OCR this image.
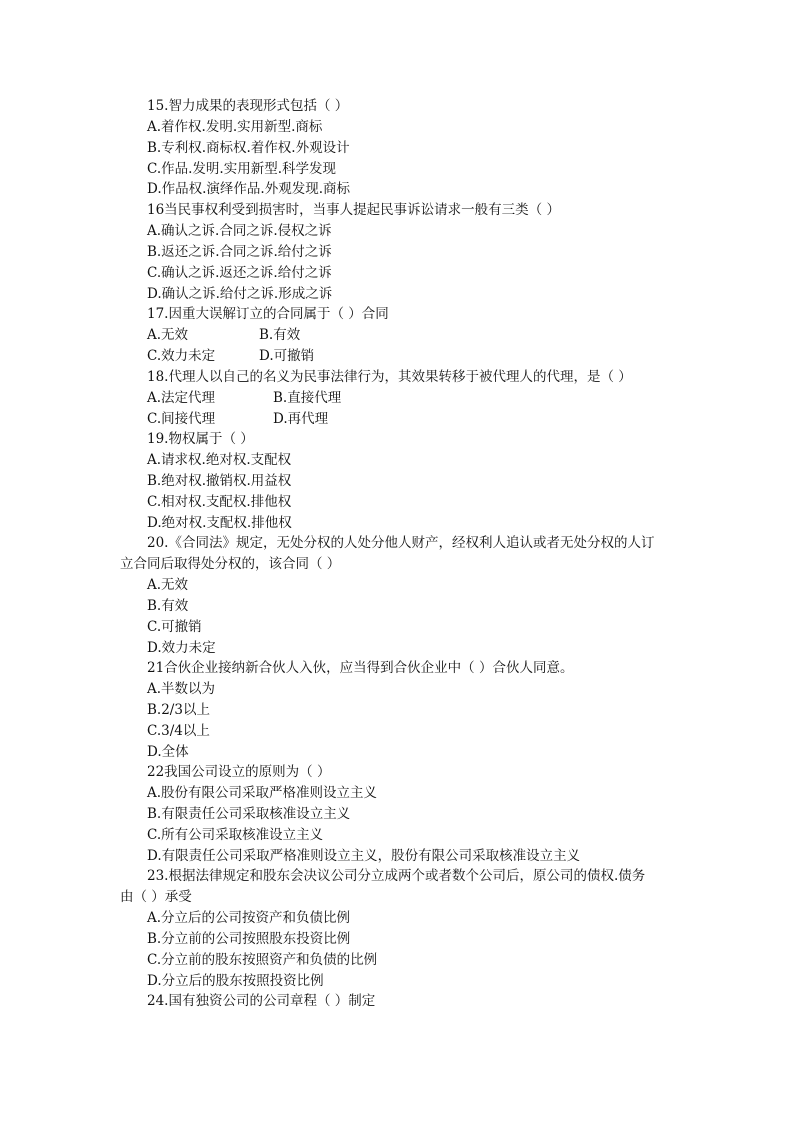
15.智力成果的表现形式包括（ ）
A.着作权.发明.实用新型.商标
B.专利权.商标权.着作权.外观设计
C.作品.发明.实用新型.科学发现
D.作品权.演绎作品.外观发现.商标
16当民事权利受到损害时，当事人提起民事诉讼请求一般有三类（ ）
A.确认之诉.合同之诉.侵权之诉
B.返还之诉.合同之诉.给付之诉
C.确认之诉.返还之诉.给付之诉
D.确认之诉.给付之诉.形成之诉
17.因重大误解订立的合同属于（ ）合同
A.无效	B.有效
C.效力未定	D.可撤销
18.代理人以自己的名义为民事法律行为，其效果转移于被代理人的代理，是（ ）
A.法定代理	B.直接代理
C.间接代理	D.再代理
19.物权属于（ ）
A.请求权.绝对权.支配权
B.绝对权.撤销权.用益权
C.相对权.支配权.排他权
D.绝对权.支配权.排他权
20.《合同法》规定，无处分权的人处分他人财产，经权利人追认或者无处分权的人订
立合同后取得处分权的，该合同（ ）
A.无效
B.有效
C.可撤销
D.效力未定
21合伙企业接纳新合伙人入伙，应当得到合伙企业中（ ）合伙人同意。
A.半数以为
B.2/3以上
C.3/4以上
D.全体
22我国公司设立的原则为（ ）
A.股份有限公司采取严格准则设立主义
B.有限责任公司采取核准设立主义
C.所有公司采取核准设立主义
D.有限责任公司采取严格准则设立主义，股份有限公司采取核准设立主义
23.根据法律规定和股东会决议公司分立成两个或者数个公司后，原公司的债权.债务
由（ ）承受
A.分立后的公司按资产和负债比例
B.分立前的公司按照股东投资比例
C.分立前的股东按照资产和负债的比例
D.分立后的股东按照投资比例
24.国有独资公司的公司章程（ ）制定
